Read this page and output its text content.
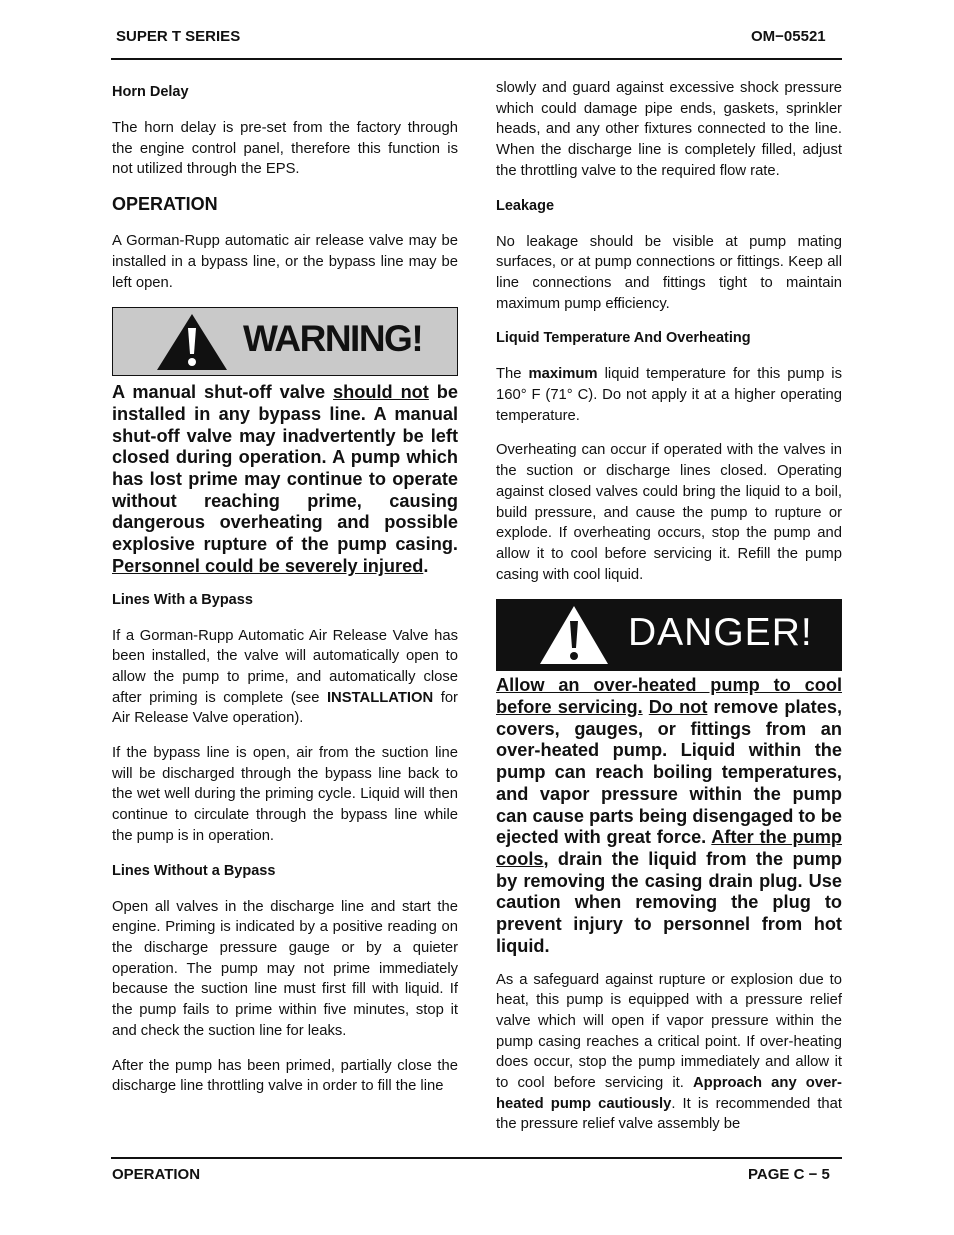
SUPER T SERIES	OM−05521
Horn Delay

The horn delay is pre-set from the factory through the engine control panel, therefore this function is not utilized through the EPS.

OPERATION

A Gorman-Rupp automatic air release valve may be installed in a bypass line, or the bypass line may be left open.

WARNING!

A manual shut-off valve should not be installed in any bypass line. A manual shut-off valve may inadvertently be left closed during operation. A pump which has lost prime may continue to operate without reaching prime, causing dangerous overheating and possible explosive rupture of the pump casing. Personnel could be severely injured.

Lines With a Bypass

If a Gorman-Rupp Automatic Air Release Valve has been installed, the valve will automatically open to allow the pump to prime, and automatically close after priming is complete (see INSTALLATION for Air Release Valve operation).

If the bypass line is open, air from the suction line will be discharged through the bypass line back to the wet well during the priming cycle. Liquid will then continue to circulate through the bypass line while the pump is in operation.

Lines Without a Bypass

Open all valves in the discharge line and start the engine. Priming is indicated by a positive reading on the discharge pressure gauge or by a quieter operation. The pump may not prime immediately because the suction line must first fill with liquid. If the pump fails to prime within five minutes, stop it and check the suction line for leaks.

After the pump has been primed, partially close the discharge line throttling valve in order to fill the line

slowly and guard against excessive shock pressure which could damage pipe ends, gaskets, sprinkler heads, and any other fixtures connected to the line. When the discharge line is completely filled, adjust the throttling valve to the required flow rate.

Leakage

No leakage should be visible at pump mating surfaces, or at pump connections or fittings. Keep all line connections and fittings tight to maintain maximum pump efficiency.

Liquid Temperature And Overheating

The maximum liquid temperature for this pump is 160° F (71° C). Do not apply it at a higher operating temperature.

Overheating can occur if operated with the valves in the suction or discharge lines closed. Operating against closed valves could bring the liquid to a boil, build pressure, and cause the pump to rupture or explode. If overheating occurs, stop the pump and allow it to cool before servicing it. Refill the pump casing with cool liquid.

DANGER!

Allow an over-heated pump to cool before servicing. Do not remove plates, covers, gauges, or fittings from an over-heated pump. Liquid within the pump can reach boiling temperatures, and vapor pressure within the pump can cause parts being disengaged to be ejected with great force. After the pump cools, drain the liquid from the pump by removing the casing drain plug. Use caution when removing the plug to prevent injury to personnel from hot liquid.

As a safeguard against rupture or explosion due to heat, this pump is equipped with a pressure relief valve which will open if vapor pressure within the pump casing reaches a critical point. If over-heating does occur, stop the pump immediately and allow it to cool before servicing it. Approach any over-heated pump cautiously. It is recommended that the pressure relief valve assembly be

OPERATION	PAGE C − 5
